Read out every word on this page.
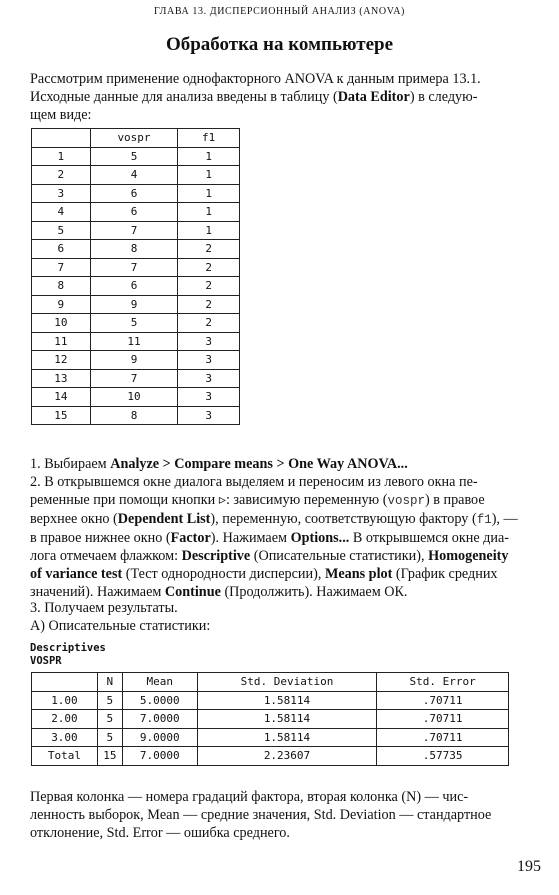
ГЛАВА 13. ДИСПЕРСИОННЫЙ АНАЛИЗ (ANOVA)
Обработка на компьютере
Рассмотрим применение однофакторного ANOVA к данным примера 13.1.
Исходные данные для анализа введены в таблицу (Data Editor) в следую-
щем виде:
	vospr	f1
1	5	1
2	4	1
3	6	1
4	6	1
5	7	1
6	8	2
7	7	2
8	6	2
9	9	2
10	5	2
11	11	3
12	9	3
13	7	3
14	10	3
15	8	3
1. Выбираем Analyze > Compare means > One Way ANOVA...
2. В открывшемся окне диалога выделяем и переносим из левого окна пе-
ременные при помощи кнопки ▹: зависимую переменную (vospr) в правое
верхнее окно (Dependent List), переменную, соответствующую фактору (f1), —
в правое нижнее окно (Factor). Нажимаем Options... В открывшемся окне диа-
лога отмечаем флажком: Descriptive (Описательные статистики), Homogeneity
of variance test (Тест однородности дисперсии), Means plot (График средних
значений). Нажимаем Continue (Продолжить). Нажимаем ОК.
3. Получаем результаты.
А) Описательные статистики:
Descriptives
VOSPR
	N	Mean	Std. Deviation	Std. Error
1.00	5	5.0000	1.58114	.70711
2.00	5	7.0000	1.58114	.70711
3.00	5	9.0000	1.58114	.70711
Total	15	7.0000	2.23607	.57735
Первая колонка — номера градаций фактора, вторая колонка (N) — чис-
ленность выборок, Mean — средние значения, Std. Deviation — стандартное
отклонение, Std. Error — ошибка среднего.
195
